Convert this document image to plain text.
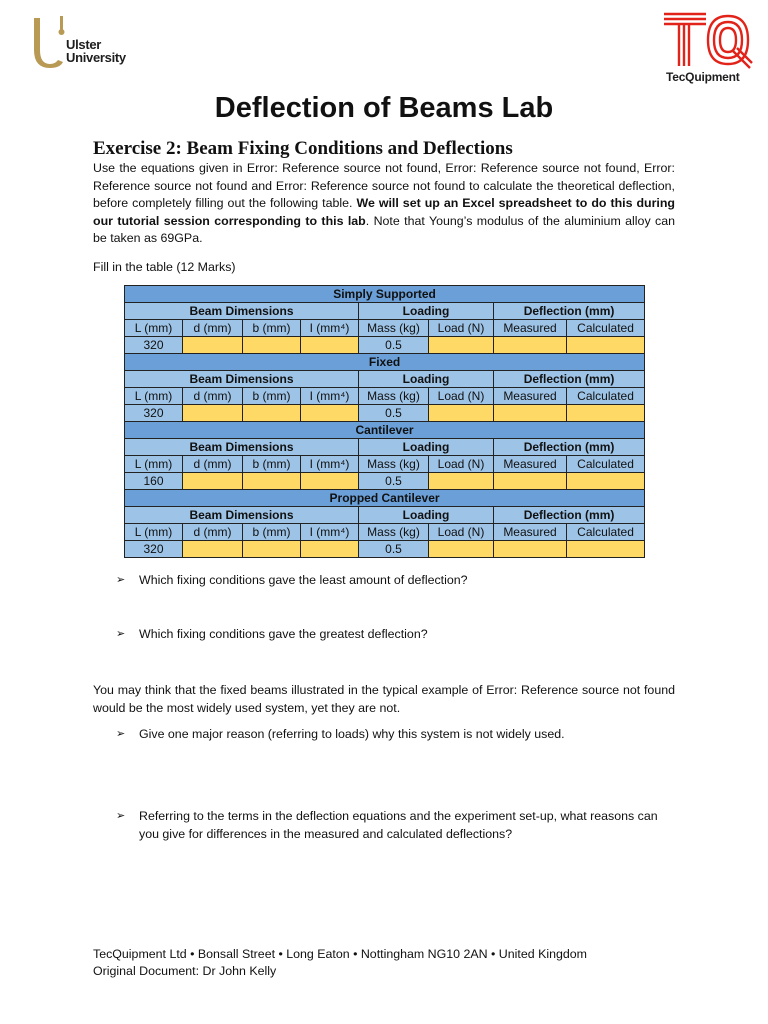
Ulster
University
TecQuipment
Deflection of Beams Lab
Exercise 2: Beam Fixing Conditions and Deflections
Use the equations given in Error: Reference source not found, Error: Reference source not found, Error: Reference source not found and Error: Reference source not found to calculate the theoretical deflection, before completely filling out the following table. We will set up an Excel spreadsheet to do this during our tutorial session corresponding to this lab. Note that Young’s modulus of the aluminium alloy can be taken as 69GPa.
Fill in the table (12 Marks)
Simply Supported							
Beam Dimensions				Loading		Deflection (mm)	
L (mm)	d (mm)	b (mm)	I (mm⁴)	Mass (kg)	Load (N)	Measured	Calculated
320				0.5			
Fixed							
Beam Dimensions				Loading		Deflection (mm)	
L (mm)	d (mm)	b (mm)	I (mm⁴)	Mass (kg)	Load (N)	Measured	Calculated
320				0.5			
Cantilever							
Beam Dimensions				Loading		Deflection (mm)	
L (mm)	d (mm)	b (mm)	I (mm⁴)	Mass (kg)	Load (N)	Measured	Calculated
160				0.5			
Propped Cantilever							
Beam Dimensions				Loading		Deflection (mm)	
L (mm)	d (mm)	b (mm)	I (mm⁴)	Mass (kg)	Load (N)	Measured	Calculated
320				0.5			
➢ Which fixing conditions gave the least amount of deflection?
➢ Which fixing conditions gave the greatest deflection?
You may think that the fixed beams illustrated in the typical example of Error: Reference source not found would be the most widely used system, yet they are not.
➢ Give one major reason (referring to loads) why this system is not widely used.
➢ Referring to the terms in the deflection equations and the experiment set-up, what reasons can you give for differences in the measured and calculated deflections?
TecQuipment Ltd • Bonsall Street • Long Eaton • Nottingham NG10 2AN • United Kingdom
Original Document: Dr John Kelly
